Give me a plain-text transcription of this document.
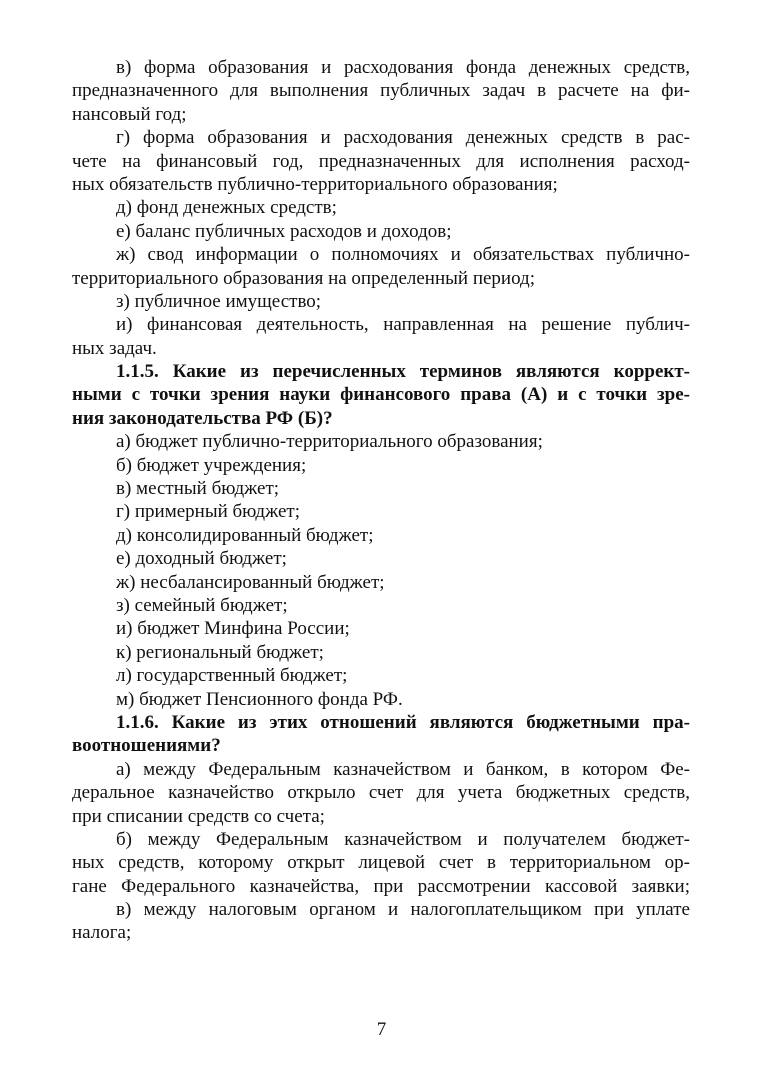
в) форма образования и расходования фонда денежных средств,
предназначенного для выполнения публичных задач в расчете на фи-
нансовый год;
г) форма образования и расходования денежных средств в рас-
чете на финансовый год, предназначенных для исполнения расход-
ных обязательств публично-территориального образования;
д) фонд денежных средств;
е) баланс публичных расходов и доходов;
ж) свод информации о полномочиях и обязательствах публично-
территориального образования на определенный период;
з) публичное имущество;
и) финансовая деятельность, направленная на решение публич-
ных задач.
1.1.5. Какие из перечисленных терминов являются коррект-
ными с точки зрения науки финансового права (А) и с точки зре-
ния законодательства РФ (Б)?
а) бюджет публично-территориального образования;
б) бюджет учреждения;
в) местный бюджет;
г) примерный бюджет;
д) консолидированный бюджет;
е) доходный бюджет;
ж) несбалансированный бюджет;
з) семейный бюджет;
и) бюджет Минфина России;
к) региональный бюджет;
л) государственный бюджет;
м) бюджет Пенсионного фонда РФ.
1.1.6. Какие из этих отношений являются бюджетными пра-
воотношениями?
а) между Федеральным казначейством и банком, в котором Фе-
деральное казначейство открыло счет для учета бюджетных средств,
при списании средств со счета;
б) между Федеральным казначейством и получателем бюджет-
ных средств, которому открыт лицевой счет в территориальном ор-
гане Федерального казначейства, при рассмотрении кассовой заявки;
в) между налоговым органом и налогоплательщиком при уплате
налога;
7
